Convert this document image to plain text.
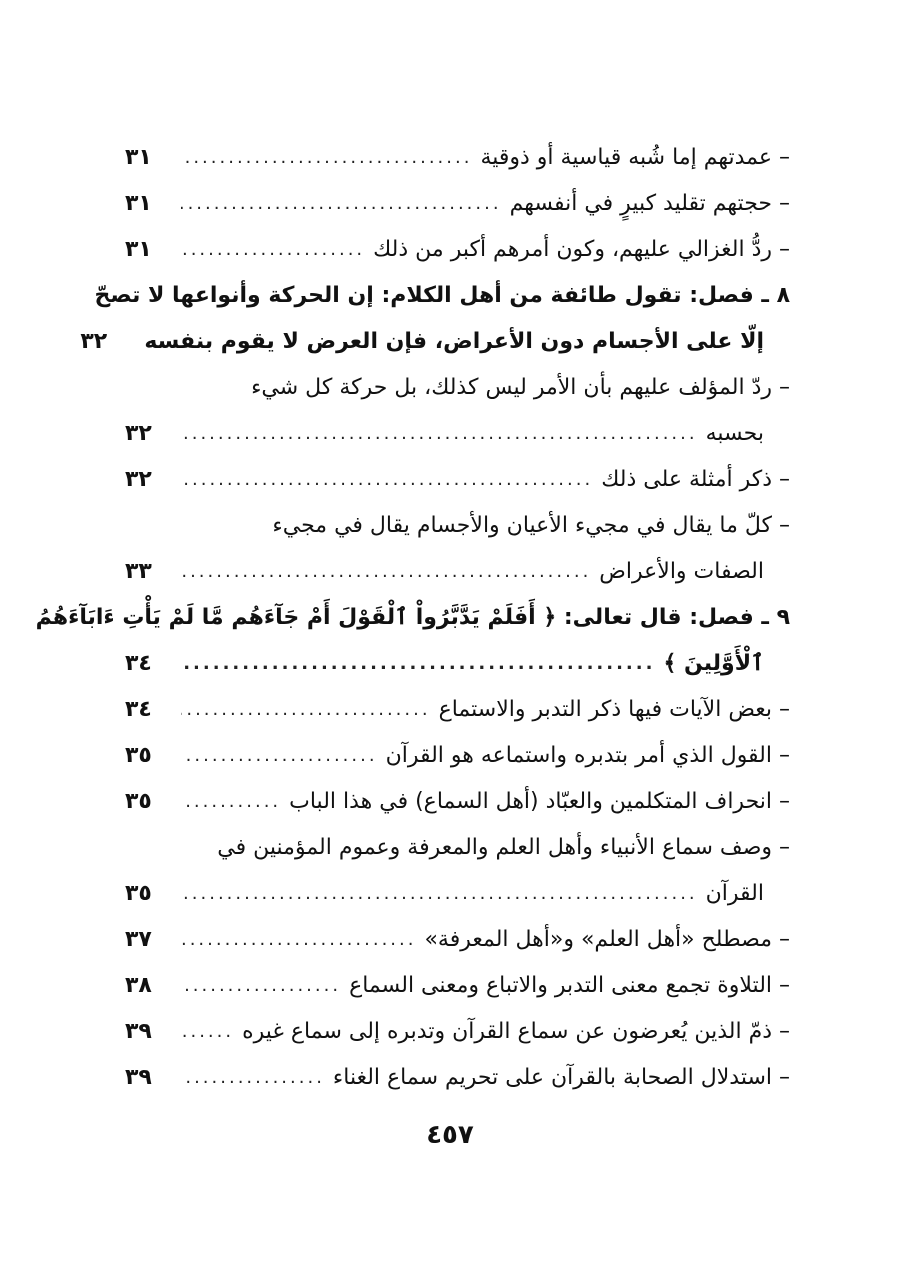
– عمدتهم إما شُبه قياسية أو ذوقية
.....
٣١
– حجتهم تقليد كبيرٍ في أنفسهم
.....
٣١
– ردُّ الغزالي عليهم، وكون أمرهم أكبر من ذلك
.....
٣١
٨ ـ فصل: تقول طائفة من أهل الكلام: إن الحركة وأنواعها لا تصحّ
إلّا على الأجسام دون الأعراض، فإن العرض لا يقوم بنفسه
٣٢
– ردّ المؤلف عليهم بأن الأمر ليس كذلك، بل حركة كل شيء
بحسبه
.....
٣٢
– ذكر أمثلة على ذلك
.....
٣٢
– كلّ ما يقال في مجيء الأعيان والأجسام يقال في مجيء
الصفات والأعراض
.....
٣٣
٩ ـ فصل: قال تعالى: ﴿ أَفَلَمْ يَدَّبَّرُواْ ٱلْقَوْلَ أَمْ جَآءَهُم مَّا لَمْ يَأْتِ ءَابَآءَهُمُ
ٱلْأَوَّلِينَ ﴾
.....
٣٤
– بعض الآيات فيها ذكر التدبر والاستماع
.....
٣٤
– القول الذي أمر بتدبره واستماعه هو القرآن
.....
٣٥
– انحراف المتكلمين والعبّاد (أهل السماع) في هذا الباب
.....
٣٥
– وصف سماع الأنبياء وأهل العلم والمعرفة وعموم المؤمنين في
القرآن
.....
٣٥
– مصطلح «أهل العلم» و«أهل المعرفة»
.....
٣٧
– التلاوة تجمع معنى التدبر والاتباع ومعنى السماع
.....
٣٨
– ذمّ الذين يُعرضون عن سماع القرآن وتدبره إلى سماع غيره
.....
٣٩
– استدلال الصحابة بالقرآن على تحريم سماع الغناء
.....
٣٩
٤٥٧
